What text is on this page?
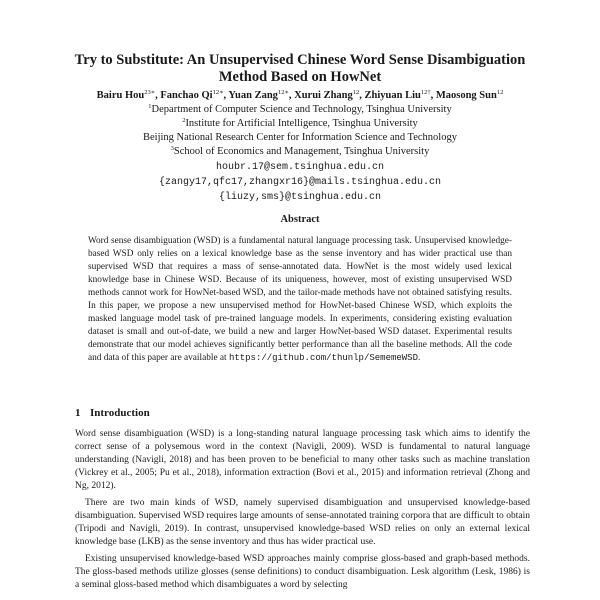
Try to Substitute: An Unsupervised Chinese Word Sense Disambiguation
Method Based on HowNet
Bairu Hou$^{23∗}$, Fanchao $Qi^{12∗}$, Yuan Zang$^{12∗}$, Xurui Zhang$^{12}$, Zhiyuan Liu$^{12\dagger}$, Maosong Sun$^{12}$
$^1$Department of Computer Science and Technology, Tsinghua University
$^2$Institute for Artificial Intelligence, Tsinghua University
Beijing National Research Center for Information Science and Technology
$^3$School of Economics and Management, Tsinghua University
houbr.17@sem.tsinghua.edu.cn
{zangy17,qfc17,zhangxr16}@mails.tsinghua.edu.cn
{liuzy,sms}@tsinghua.edu.cn
Abstract
Word sense disambiguation (WSD) is a fundamental natural language processing task. Unsupervised knowledge-based WSD only relies on a lexical knowledge base as the sense inventory and has wider practical use than supervised WSD that requires a mass of sense-annotated data. HowNet is the most widely used lexical knowledge base in Chinese WSD. Because of its uniqueness, however, most of existing unsupervised WSD methods cannot work for HowNet-based WSD, and the tailor-made methods have not obtained satisfying results. In this paper, we propose a new unsupervised method for HowNet-based Chinese WSD, which exploits the masked language model task of pre-trained language models. In experiments, considering existing evaluation dataset is small and out-of-date, we build a new and larger HowNet-based WSD dataset. Experimental results demonstrate that our model achieves significantly better performance than all the baseline methods. All the code and data of this paper are available at https://github.com/thunlp/SememeWSD.
1 Introduction

Word sense disambiguation (WSD) is a long-standing natural language processing task which aims to identify the correct sense of a polysemous word in the context (Navigli, 2009). WSD is fundamental to natural language understanding (Navigli, 2018) and has been proven to be beneficial to many other tasks such as machine translation (Vickrey et al., 2005; Pu et al., 2018), information extraction (Bovi et al., 2015) and information retrieval (Zhong and Ng, 2012).

There are two main kinds of WSD, namely supervised disambiguation and unsupervised knowledge-based disambiguation. Supervised WSD requires large amounts of sense-annotated training corpora that are difficult to obtain (Tripodi and Navigli, 2019). In contrast, unsupervised knowledge-based WSD relies on only an external lexical knowledge base (LKB) as the sense inventory and thus has wider practical use.

Existing unsupervised knowledge-based WSD approaches mainly comprise gloss-based and graph-based methods. The gloss-based methods utilize glosses (sense definitions) to conduct disambiguation. Lesk algorithm (Lesk, 1986) is a seminal gloss-based method which disambiguates a word by selecting
